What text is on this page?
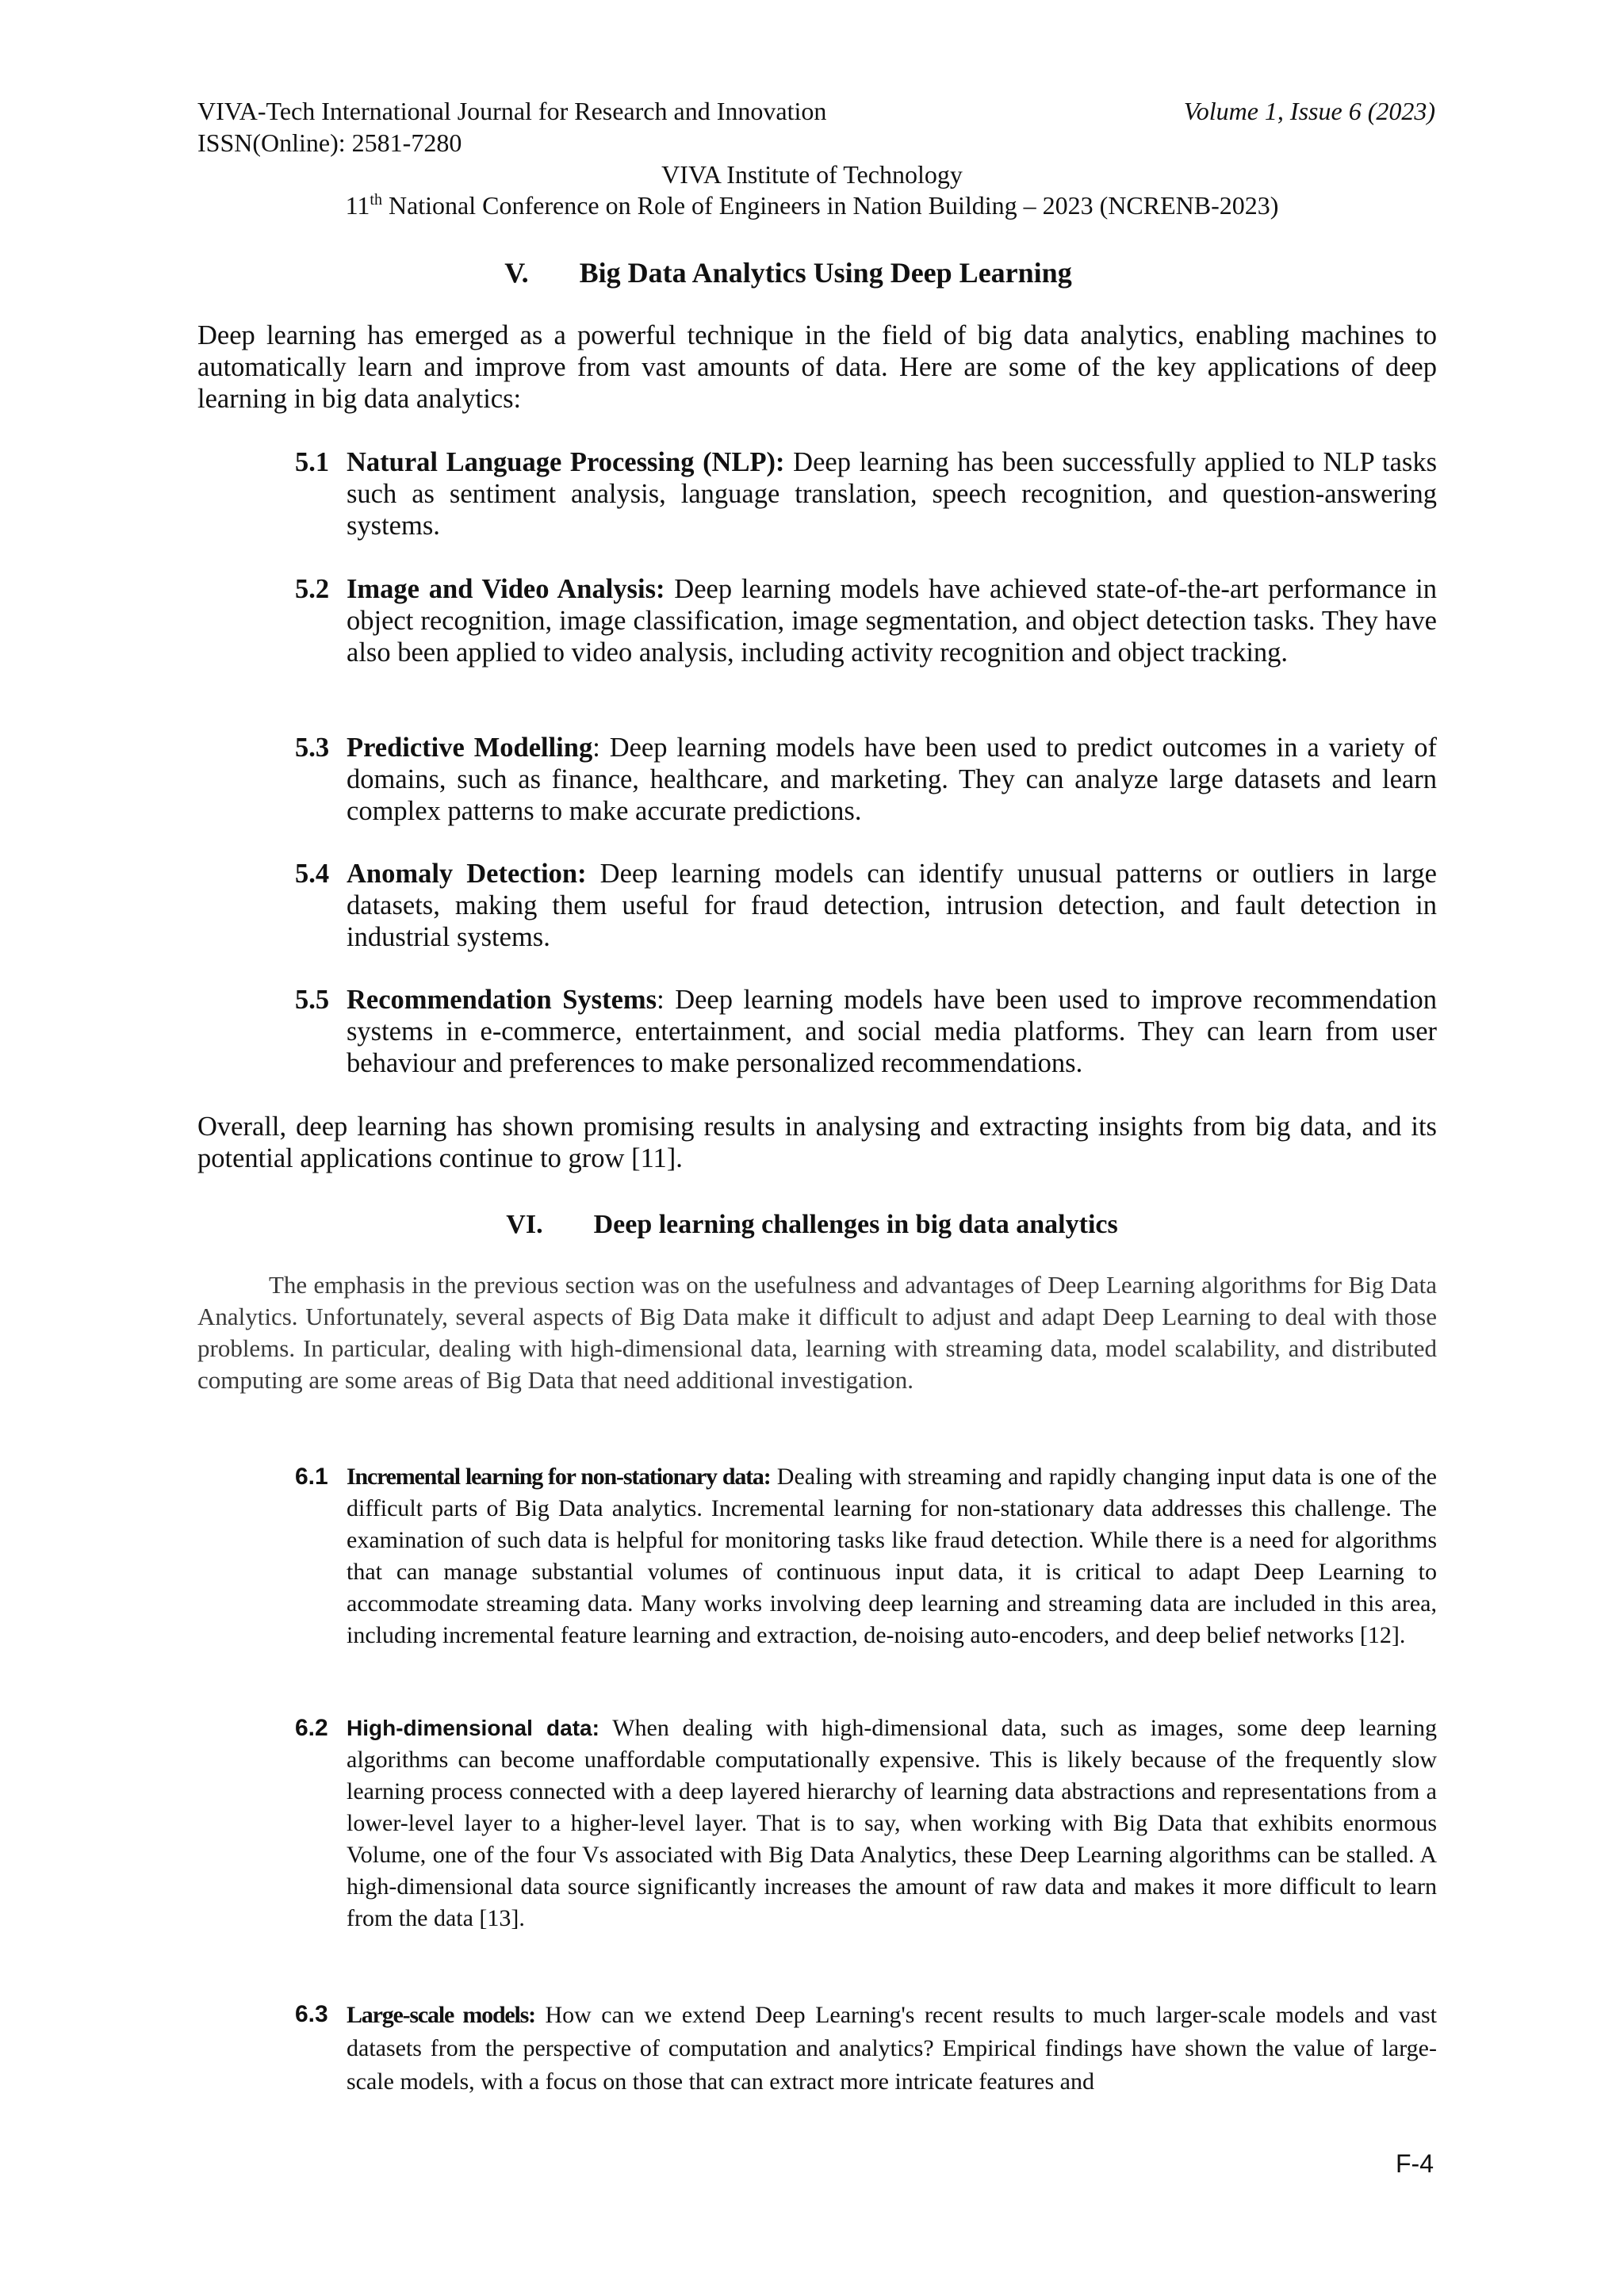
VIVA-Tech International Journal for Research and Innovation
ISSN(Online): 2581-7280
Volume 1, Issue 6 (2023)
VIVA Institute of Technology
11th National Conference on Role of Engineers in Nation Building – 2023 (NCRENB-2023)
V. Big Data Analytics Using Deep Learning
Deep learning has emerged as a powerful technique in the field of big data analytics, enabling machines to automatically learn and improve from vast amounts of data. Here are some of the key applications of deep learning in big data analytics:
5.1 Natural Language Processing (NLP): Deep learning has been successfully applied to NLP tasks such as sentiment analysis, language translation, speech recognition, and question-answering systems.
5.2 Image and Video Analysis: Deep learning models have achieved state-of-the-art performance in object recognition, image classification, image segmentation, and object detection tasks. They have also been applied to video analysis, including activity recognition and object tracking.
5.3 Predictive Modelling: Deep learning models have been used to predict outcomes in a variety of domains, such as finance, healthcare, and marketing. They can analyze large datasets and learn complex patterns to make accurate predictions.
5.4 Anomaly Detection: Deep learning models can identify unusual patterns or outliers in large datasets, making them useful for fraud detection, intrusion detection, and fault detection in industrial systems.
5.5 Recommendation Systems: Deep learning models have been used to improve recommendation systems in e-commerce, entertainment, and social media platforms. They can learn from user behaviour and preferences to make personalized recommendations.
Overall, deep learning has shown promising results in analysing and extracting insights from big data, and its potential applications continue to grow [11].
VI. Deep learning challenges in big data analytics
The emphasis in the previous section was on the usefulness and advantages of Deep Learning algorithms for Big Data Analytics. Unfortunately, several aspects of Big Data make it difficult to adjust and adapt Deep Learning to deal with those problems. In particular, dealing with high-dimensional data, learning with streaming data, model scalability, and distributed computing are some areas of Big Data that need additional investigation.
6.1 Incremental learning for non-stationary data: Dealing with streaming and rapidly changing input data is one of the difficult parts of Big Data analytics. Incremental learning for non-stationary data addresses this challenge. The examination of such data is helpful for monitoring tasks like fraud detection. While there is a need for algorithms that can manage substantial volumes of continuous input data, it is critical to adapt Deep Learning to accommodate streaming data. Many works involving deep learning and streaming data are included in this area, including incremental feature learning and extraction, de-noising auto-encoders, and deep belief networks [12].
6.2 High-dimensional data: When dealing with high-dimensional data, such as images, some deep learning algorithms can become unaffordable computationally expensive. This is likely because of the frequently slow learning process connected with a deep layered hierarchy of learning data abstractions and representations from a lower-level layer to a higher-level layer. That is to say, when working with Big Data that exhibits enormous Volume, one of the four Vs associated with Big Data Analytics, these Deep Learning algorithms can be stalled. A high-dimensional data source significantly increases the amount of raw data and makes it more difficult to learn from the data [13].
6.3 Large-scale models: How can we extend Deep Learning's recent results to much larger-scale models and vast datasets from the perspective of computation and analytics? Empirical findings have shown the value of large-scale models, with a focus on those that can extract more intricate features and
F-4
